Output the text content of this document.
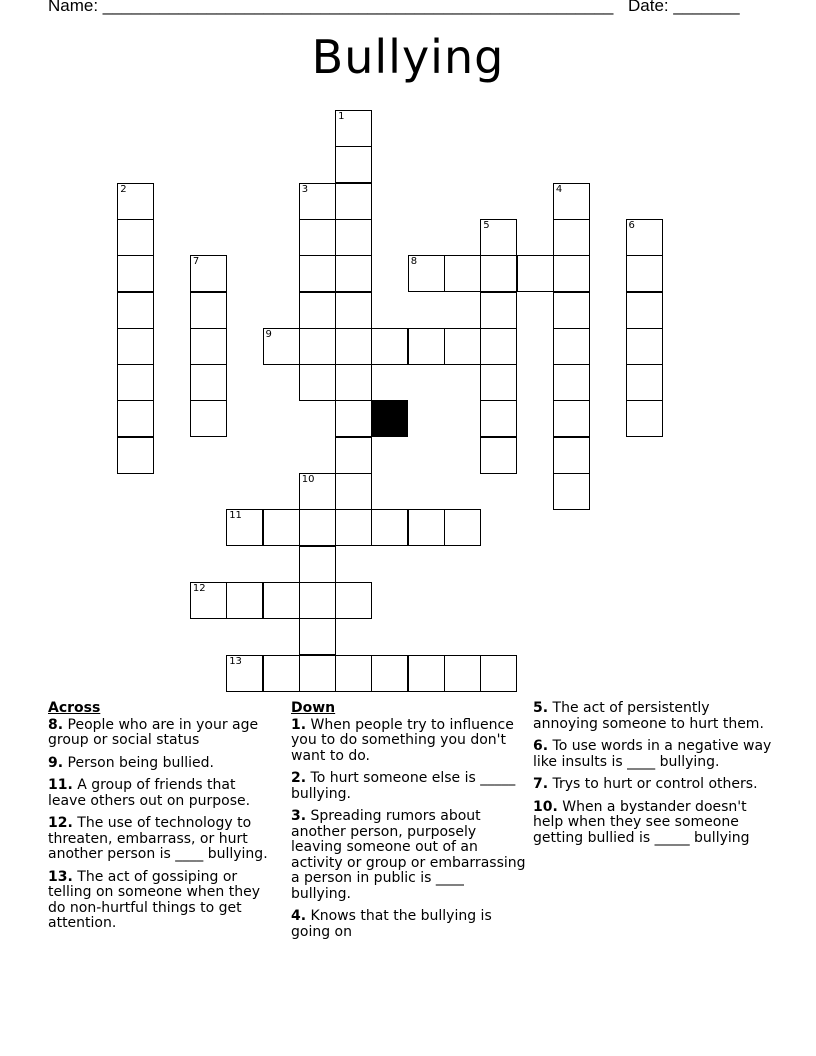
Name: ______________________________________________________ Date: _______
Bullying
1
2	3	4
5	6
7
10
8
9
11
12
13
Across
8. People who are in your age group or social status
9. Person being bullied.
11. A group of friends that leave others out on purpose.
12. The use of technology to threaten, embarrass, or hurt another person is ____ bullying.
13. The act of gossiping or telling on someone when they do non-hurtful things to get attention.
Down
1. When people try to influence you to do something you don't want to do.
2. To hurt someone else is _____ bullying.
3. Spreading rumors about another person, purposely leaving someone out of an activity or group or embarrassing a person in public is ____ bullying.
4. Knows that the bullying is going on
5. The act of persistently annoying someone to hurt them.
6. To use words in a negative way like insults is ____ bullying.
7. Trys to hurt or control others.
10. When a bystander doesn't help when they see someone getting bullied is _____ bullying
